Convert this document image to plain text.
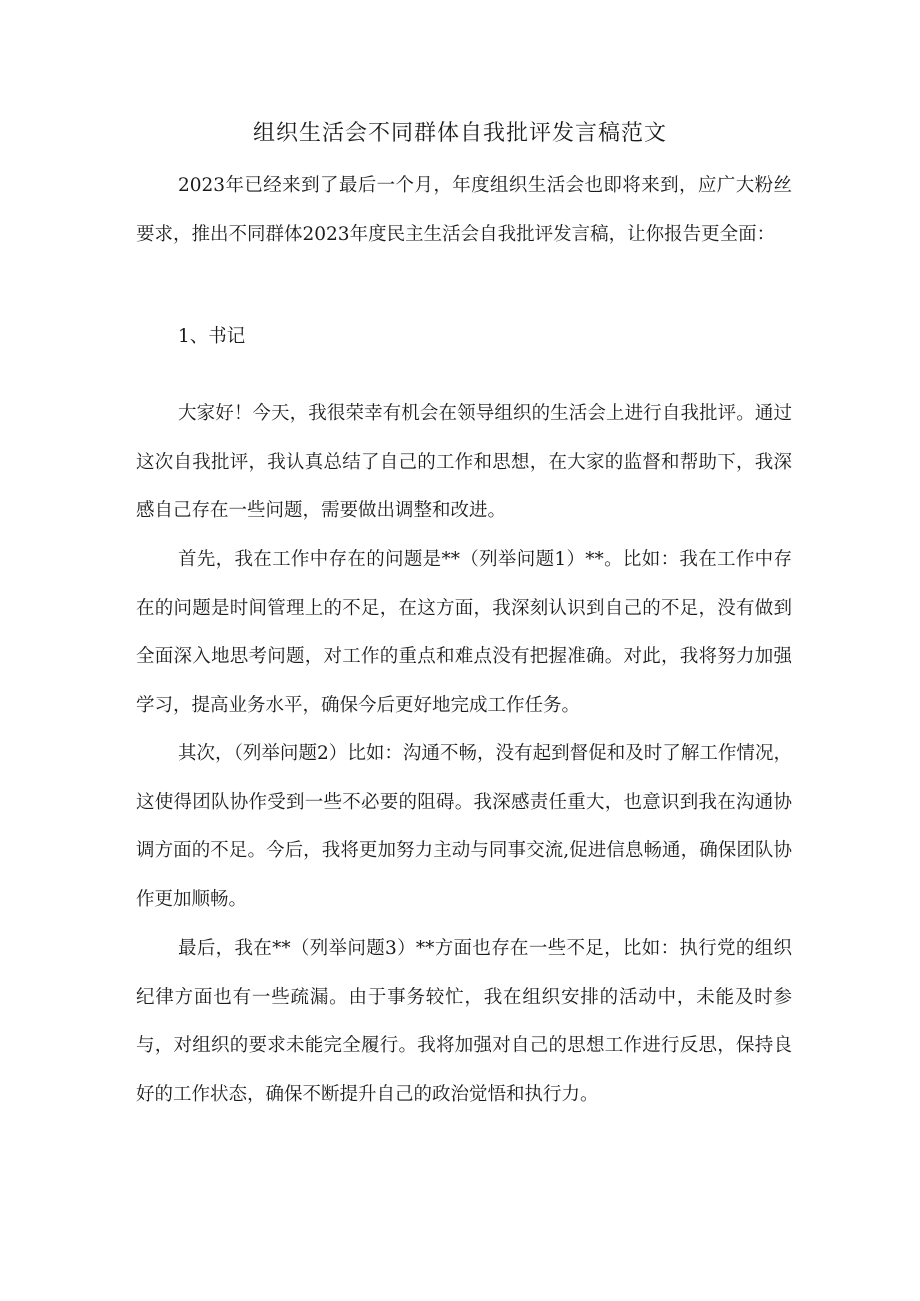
组织生活会不同群体自我批评发言稿范文

2023年已经来到了最后一个月，年度组织生活会也即将来到，应广大粉丝要求，推出不同群体2023年度民主生活会自我批评发言稿，让你报告更全面：

1、书记

大家好！今天，我很荣幸有机会在领导组织的生活会上进行自我批评。通过这次自我批评，我认真总结了自己的工作和思想，在大家的监督和帮助下，我深感自己存在一些问题，需要做出调整和改进。

首先，我在工作中存在的问题是**（列举问题1）**。比如：我在工作中存在的问题是时间管理上的不足，在这方面，我深刻认识到自己的不足，没有做到全面深入地思考问题，对工作的重点和难点没有把握准确。对此，我将努力加强学习，提高业务水平，确保今后更好地完成工作任务。

其次，（列举问题2）比如：沟通不畅，没有起到督促和及时了解工作情况，这使得团队协作受到一些不必要的阻碍。我深感责任重大，也意识到我在沟通协调方面的不足。今后，我将更加努力主动与同事交流,促进信息畅通，确保团队协作更加顺畅。

最后，我在**（列举问题3）**方面也存在一些不足，比如：执行党的组织纪律方面也有一些疏漏。由于事务较忙，我在组织安排的活动中，未能及时参与，对组织的要求未能完全履行。我将加强对自己的思想工作进行反思，保持良好的工作状态，确保不断提升自己的政治觉悟和执行力。
